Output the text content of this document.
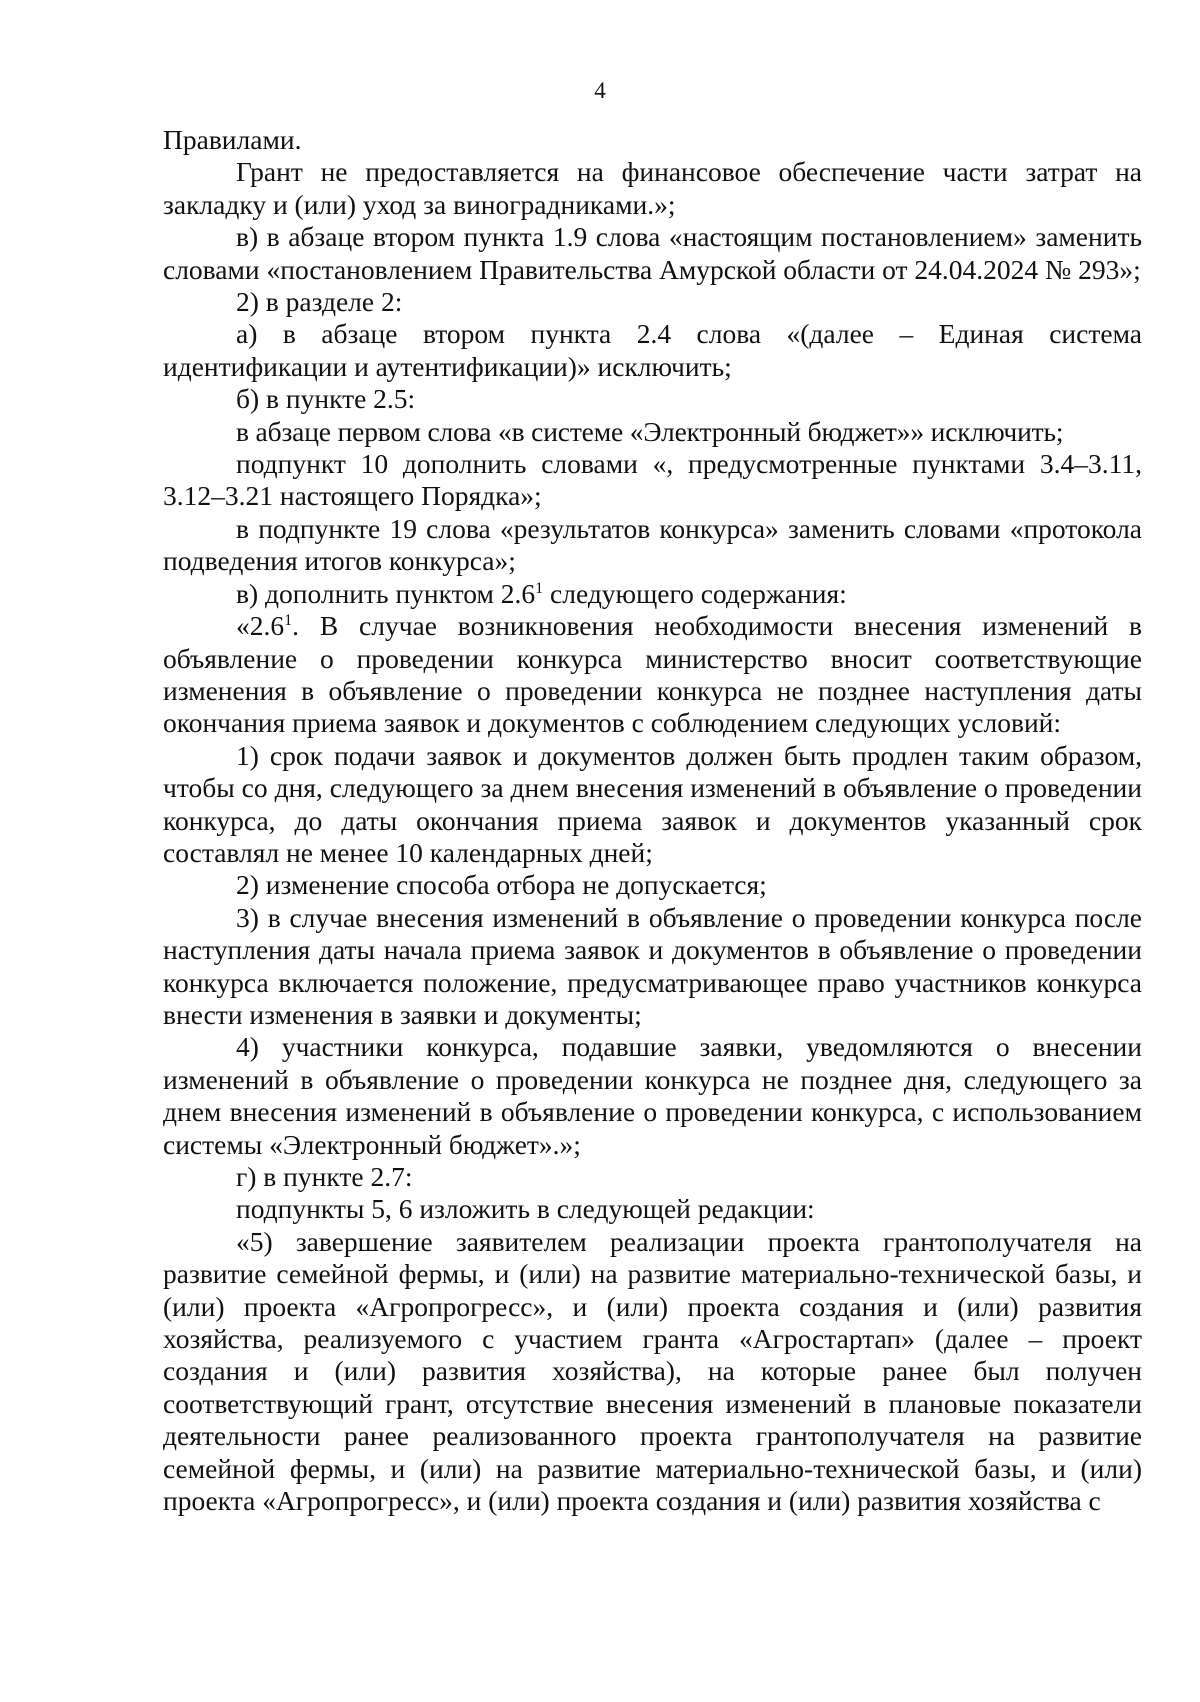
4

Правилами.

Грант не предоставляется на финансовое обеспечение части затрат на закладку и (или) уход за виноградниками.»;

в) в абзаце втором пункта 1.9 слова «настоящим постановлением» заменить словами «постановлением Правительства Амурской области от 24.04.2024 № 293»;

2) в разделе 2:

а) в абзаце втором пункта 2.4 слова «(далее – Единая система идентификации и аутентификации)» исключить;

б) в пункте 2.5:

в абзаце первом слова «в системе «Электронный бюджет»» исключить;

подпункт 10 дополнить словами «, предусмотренные пунктами 3.4–3.11, 3.12–3.21 настоящего Порядка»;

в подпункте 19 слова «результатов конкурса» заменить словами «протокола подведения итогов конкурса»;

в) дополнить пунктом $2.6^1$ следующего содержания:

«$2.6^1$. В случае возникновения необходимости внесения изменений в объявление о проведении конкурса министерство вносит соответствующие изменения в объявление о проведении конкурса не позднее наступления даты окончания приема заявок и документов с соблюдением следующих условий:

1) срок подачи заявок и документов должен быть продлен таким образом, чтобы со дня, следующего за днем внесения изменений в объявление о проведении конкурса, до даты окончания приема заявок и документов указанный срок составлял не менее 10 календарных дней;

2) изменение способа отбора не допускается;

3) в случае внесения изменений в объявление о проведении конкурса после наступления даты начала приема заявок и документов в объявление о проведении конкурса включается положение, предусматривающее право участников конкурса внести изменения в заявки и документы;

4) участники конкурса, подавшие заявки, уведомляются о внесении изменений в объявление о проведении конкурса не позднее дня, следующего за днем внесения изменений в объявление о проведении конкурса, с использованием системы «Электронный бюджет».»;

г) в пункте 2.7:

подпункты 5, 6 изложить в следующей редакции:

«5) завершение заявителем реализации проекта грантополучателя на развитие семейной фермы, и (или) на развитие материально-технической базы, и (или) проекта «Агропрогресс», и (или) проекта создания и (или) развития хозяйства, реализуемого с участием гранта «Агростартап» (далее – проект создания и (или) развития хозяйства), на которые ранее был получен соответствующий грант, отсутствие внесения изменений в плановые показатели деятельности ранее реализованного проекта грантополучателя на развитие семейной фермы, и (или) на развитие материально-технической базы, и (или) проекта «Агропрогресс», и (или) проекта создания и (или) развития хозяйства с
